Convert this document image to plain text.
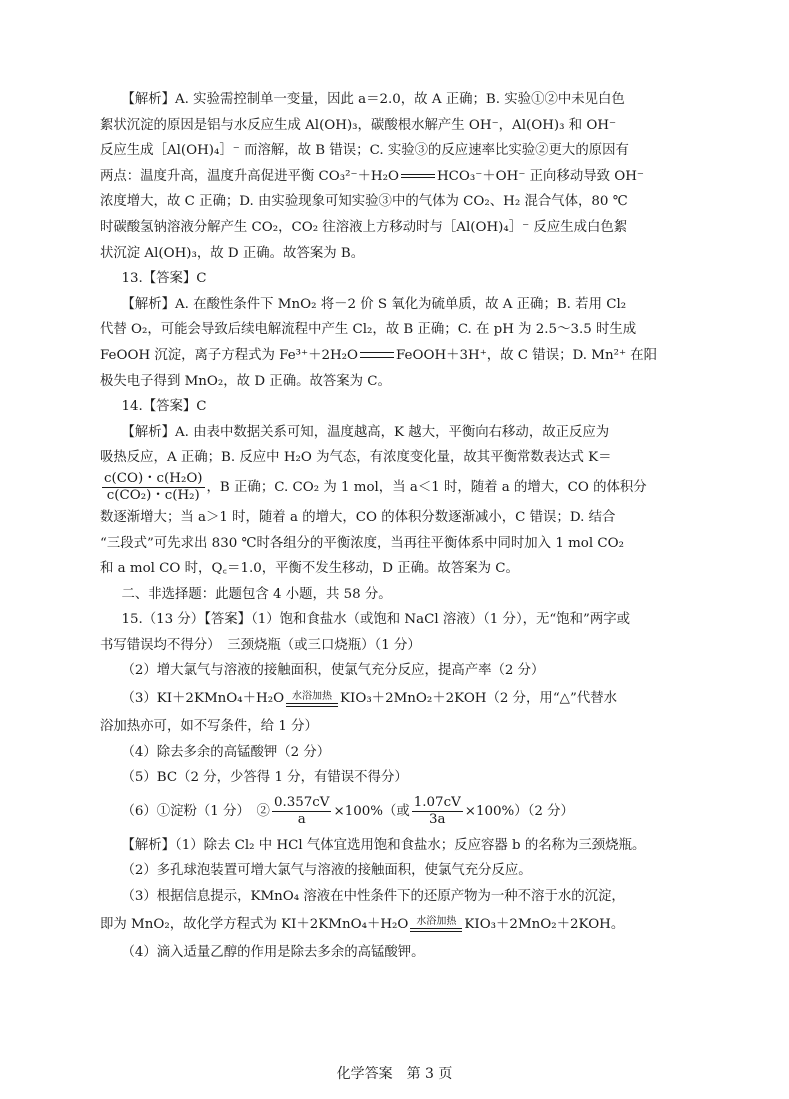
【解析】A. 实验需控制单一变量，因此 a＝2.0，故 A 正确；B. 实验①②中未见白色

絮状沉淀的原因是铝与水反应生成 Al(OH)₃，碳酸根水解产生 OH⁻，Al(OH)₃ 和 OH⁻

反应生成［Al(OH)₄］⁻ 而溶解，故 B 错误；C. 实验③的反应速率比实验②更大的原因有

两点：温度升高，温度升高促进平衡 CO₃²⁻＋H₂O	HCO₃⁻＋OH⁻ 正向移动导致 OH⁻

浓度增大，故 C 正确；D. 由实验现象可知实验③中的气体为 CO₂、H₂ 混合气体，80 ℃

时碳酸氢钠溶液分解产生 CO₂，CO₂ 往溶液上方移动时与［Al(OH)₄］⁻ 反应生成白色絮

状沉淀 Al(OH)₃，故 D 正确。故答案为 B。

13.【答案】C

【解析】A. 在酸性条件下 MnO₂ 将－2 价 S 氧化为硫单质，故 A 正确；B. 若用 Cl₂

代替 O₂，可能会导致后续电解流程中产生 Cl₂，故 B 正确；C. 在 pH 为 2.5～3.5 时生成

FeOOH 沉淀，离子方程式为 Fe³⁺＋2H₂O	FeOOH＋3H⁺，故 C 错误；D. Mn²⁺ 在阳

极失电子得到 MnO₂，故 D 正确。故答案为 C。

14.【答案】C

【解析】A. 由表中数据关系可知，温度越高，K 越大，平衡向右移动，故正反应为

吸热反应，A 正确；B. 反应中 H₂O 为气态，有浓度变化量，故其平衡常数表达式 K＝

$\frac{\text{c(CO)・c(H₂O)}}{\text{c(CO₂)・c(H₂)}}$ ，B 正确；C. CO₂ 为 1 mol，当 a＜1 时，随着 a 的增大，CO 的体积分

数逐渐增大；当 a＞1 时，随着 a 的增大，CO 的体积分数逐渐减小，C 错误；D. 结合

“三段式”可先求出 830 ℃时各组分的平衡浓度，当再往平衡体系中同时加入 1 mol CO₂

和 a mol CO 时，Q꜀＝1.0，平衡不发生移动，D 正确。故答案为 C。

二、非选择题：此题包含 4 小题，共 58 分。

15.（13 分）【答案】（1）饱和食盐水（或饱和 NaCl 溶液）（1 分），无“饱和”两字或

书写错误均不得分）　三颈烧瓶（或三口烧瓶）（1 分）

（2）增大氯气与溶液的接触面积，使氯气充分反应，提高产率（2 分）

（3）KI＋2KMnO₄＋H₂O 水浴加热 KIO₃＋2MnO₂＋2KOH（2 分，用“△”代替水

浴加热亦可，如不写条件，给 1 分）

（4）除去多余的高锰酸钾（2 分）

（5）BC（2 分，少答得 1 分，有错误不得分）

（6）①淀粉（1 分）　② $\frac{0.357cV}{a} \times 100\%$（或 $\frac{1.07cV}{3a} \times 100\%)(2$ 分）

【解析】（1）除去 Cl₂ 中 HCl 气体宜选用饱和食盐水；反应容器 b 的名称为三颈烧瓶。

（2）多孔球泡装置可增大氯气与溶液的接触面积，使氯气充分反应。

（3）根据信息提示，KMnO₄ 溶液在中性条件下的还原产物为一种不溶于水的沉淀，

即为 MnO₂，故化学方程式为 KI＋2KMnO₄＋H₂O 水浴加热 KIO₃＋2MnO₂＋2KOH。

（4）滴入适量乙醇的作用是除去多余的高锰酸钾。

化学答案　第 3 页
